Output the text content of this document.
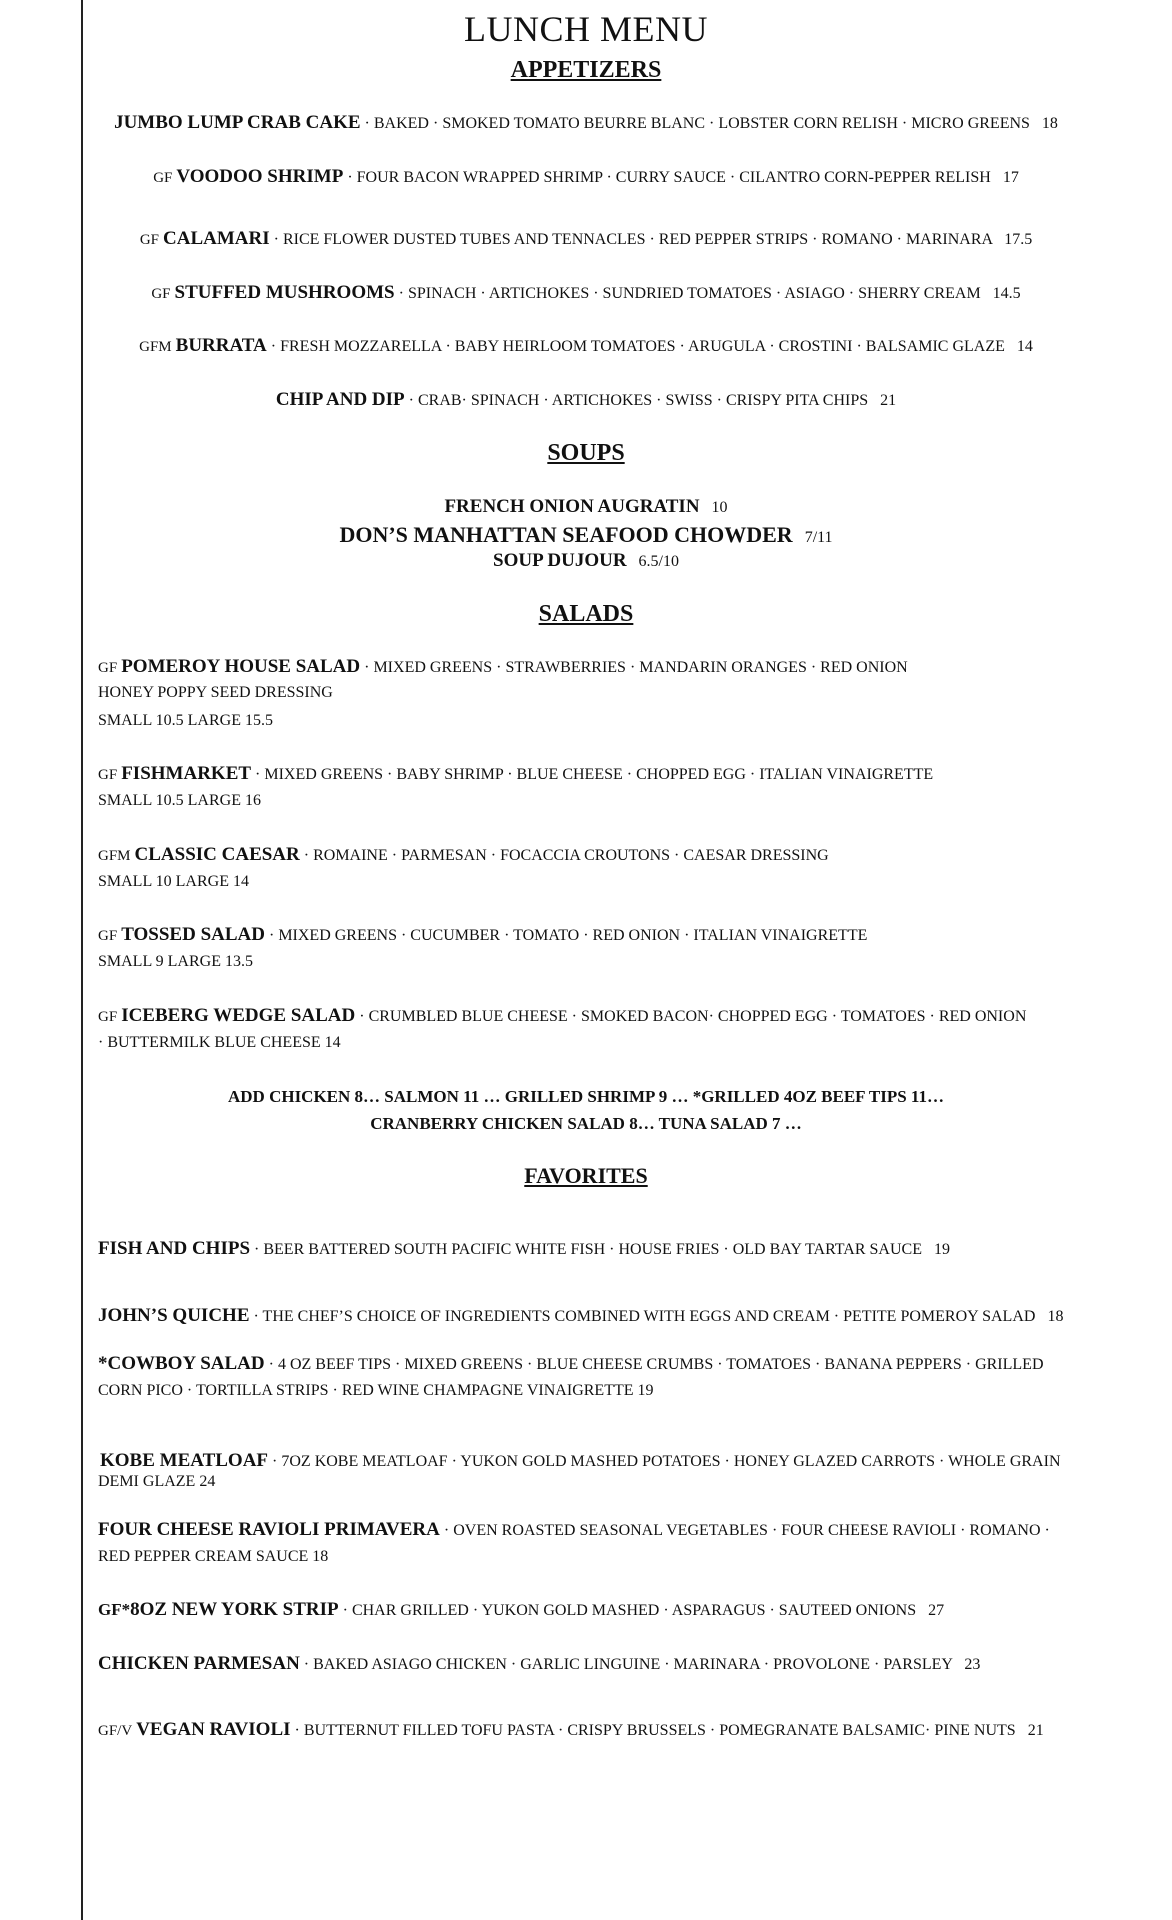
LUNCH MENU
APPETIZERS
JUMBO LUMP CRAB CAKE · BAKED · SMOKED TOMATO BEURRE BLANC · LOBSTER CORN RELISH · MICRO GREENS 18
GF VOODOO SHRIMP · FOUR BACON WRAPPED SHRIMP · CURRY SAUCE · CILANTRO CORN-PEPPER RELISH 17
GF CALAMARI · RICE FLOWER DUSTED TUBES AND TENNACLES · RED PEPPER STRIPS · ROMANO · MARINARA 17.5
GF STUFFED MUSHROOMS · SPINACH · ARTICHOKES · SUNDRIED TOMATOES · ASIAGO · SHERRY CREAM 14.5
GFM BURRATA · FRESH MOZZARELLA · BABY HEIRLOOM TOMATOES · ARUGULA · CROSTINI · BALSAMIC GLAZE 14
CHIP AND DIP · CRAB· SPINACH · ARTICHOKES · SWISS · CRISPY PITA CHIPS 21
SOUPS
FRENCH ONION AUGRATIN 10
DON’S MANHATTAN SEAFOOD CHOWDER 7/11
SOUP DUJOUR 6.5/10
SALADS
GF POMEROY HOUSE SALAD · MIXED GREENS · STRAWBERRIES · MANDARIN ORANGES · RED ONION
HONEY POPPY SEED DRESSING
SMALL 10.5 LARGE 15.5
GF FISHMARKET · MIXED GREENS · BABY SHRIMP · BLUE CHEESE · CHOPPED EGG · ITALIAN VINAIGRETTE
SMALL 10.5 LARGE 16
GFM CLASSIC CAESAR · ROMAINE · PARMESAN · FOCACCIA CROUTONS · CAESAR DRESSING
SMALL 10 LARGE 14
GF TOSSED SALAD · MIXED GREENS · CUCUMBER · TOMATO · RED ONION · ITALIAN VINAIGRETTE
SMALL 9 LARGE 13.5
GF ICEBERG WEDGE SALAD · CRUMBLED BLUE CHEESE · SMOKED BACON· CHOPPED EGG · TOMATOES · RED ONION
· BUTTERMILK BLUE CHEESE 14
ADD CHICKEN 8… SALMON 11 … GRILLED SHRIMP 9 … *GRILLED 4OZ BEEF TIPS 11…
CRANBERRY CHICKEN SALAD 8… TUNA SALAD 7 …
FAVORITES
FISH AND CHIPS · BEER BATTERED SOUTH PACIFIC WHITE FISH · HOUSE FRIES · OLD BAY TARTAR SAUCE 19
JOHN’S QUICHE · THE CHEF’S CHOICE OF INGREDIENTS COMBINED WITH EGGS AND CREAM · PETITE POMEROY SALAD 18
*COWBOY SALAD · 4 OZ BEEF TIPS · MIXED GREENS · BLUE CHEESE CRUMBS · TOMATOES · BANANA PEPPERS · GRILLED
CORN PICO · TORTILLA STRIPS · RED WINE CHAMPAGNE VINAIGRETTE 19
KOBE MEATLOAF · 7OZ KOBE MEATLOAF · YUKON GOLD MASHED POTATOES · HONEY GLAZED CARROTS · WHOLE GRAIN
DEMI GLAZE 24
FOUR CHEESE RAVIOLI PRIMAVERA · OVEN ROASTED SEASONAL VEGETABLES · FOUR CHEESE RAVIOLI · ROMANO ·
RED PEPPER CREAM SAUCE 18
GF*8OZ NEW YORK STRIP · CHAR GRILLED · YUKON GOLD MASHED · ASPARAGUS · SAUTEED ONIONS 27
CHICKEN PARMESAN · BAKED ASIAGO CHICKEN · GARLIC LINGUINE · MARINARA · PROVOLONE · PARSLEY 23
GF/V VEGAN RAVIOLI · BUTTERNUT FILLED TOFU PASTA · CRISPY BRUSSELS · POMEGRANATE BALSAMIC· PINE NUTS 21
